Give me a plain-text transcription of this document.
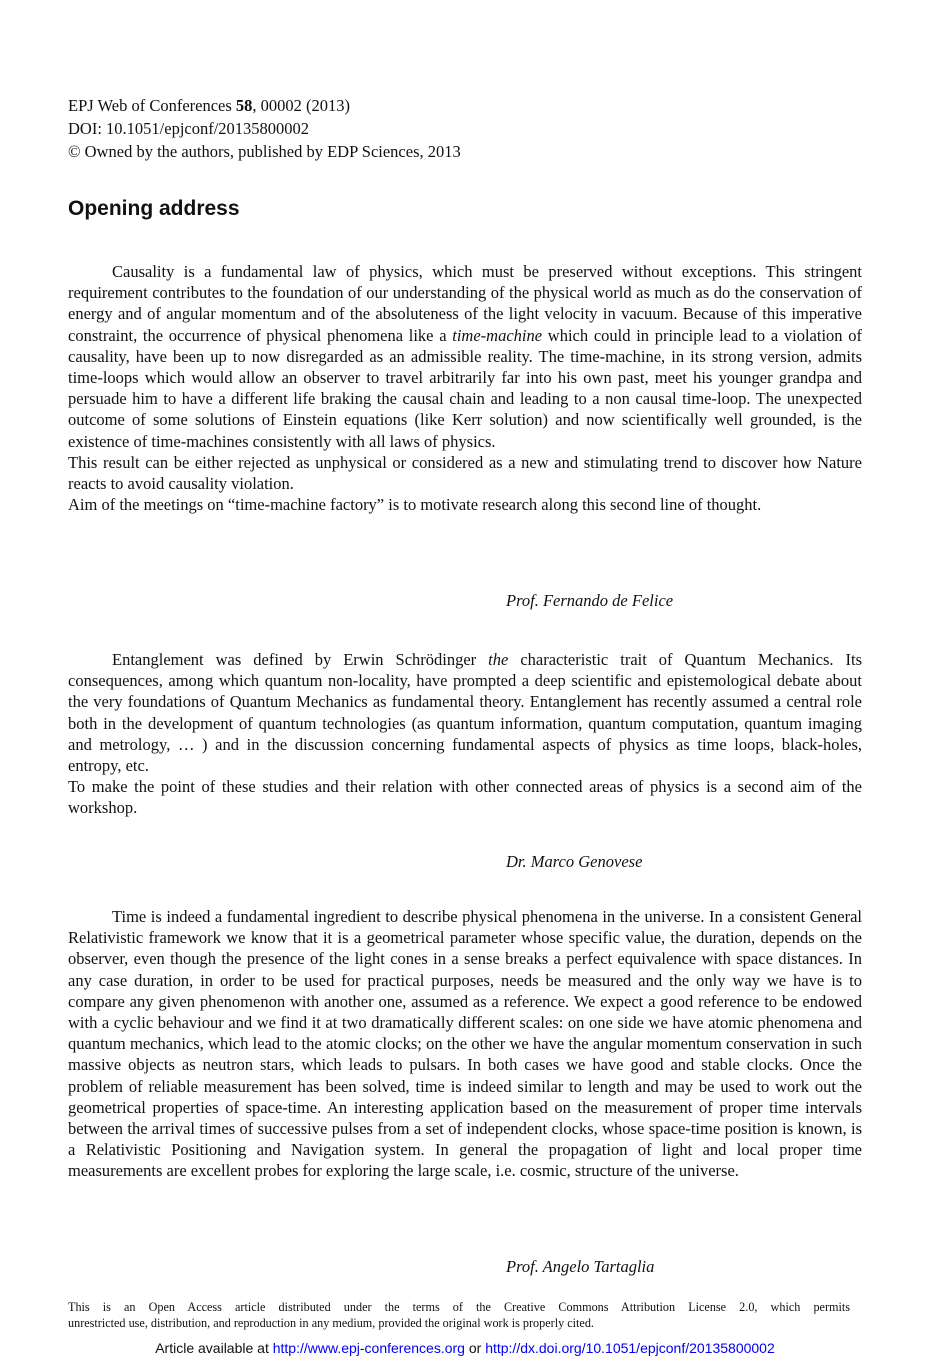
EPJ Web of Conferences 58, 00002 (2013)
DOI: 10.1051/epjconf/20135800002
© Owned by the authors, published by EDP Sciences, 2013
Opening address

Causality is a fundamental law of physics, which must be preserved without exceptions. This stringent requirement contributes to the foundation of our understanding of the physical world as much as do the conservation of energy and of angular momentum and of the absoluteness of the light velocity in vacuum. Because of this imperative constraint, the occurrence of physical phenomena like a time-machine which could in principle lead to a violation of causality, have been up to now disregarded as an admissible reality. The time-machine, in its strong version, admits time-loops which would allow an observer to travel arbitrarily far into his own past, meet his younger grandpa and persuade him to have a different life braking the causal chain and leading to a non causal time-loop. The unexpected outcome of some solutions of Einstein equations (like Kerr solution) and now scientifically well grounded, is the existence of time-machines consistently with all laws of physics.

This result can be either rejected as unphysical or considered as a new and stimulating trend to discover how Nature reacts to avoid causality violation.

Aim of the meetings on “time-machine factory” is to motivate research along this second line of thought.

Prof. Fernando de Felice

Entanglement was defined by Erwin Schrödinger the characteristic trait of Quantum Mechanics. Its consequences, among which quantum non-locality, have prompted a deep scientific and epistemological debate about the very foundations of Quantum Mechanics as fundamental theory. Entanglement has recently assumed a central role both in the development of quantum technologies (as quantum information, quantum computation, quantum imaging and metrology, … ) and in the discussion concerning fundamental aspects of physics as time loops, black-holes, entropy, etc.

To make the point of these studies and their relation with other connected areas of physics is a second aim of the workshop.

Dr. Marco Genovese

Time is indeed a fundamental ingredient to describe physical phenomena in the universe. In a consistent General Relativistic framework we know that it is a geometrical parameter whose specific value, the duration, depends on the observer, even though the presence of the light cones in a sense breaks a perfect equivalence with space distances. In any case duration, in order to be used for practical purposes, needs be measured and the only way we have is to compare any given phenomenon with another one, assumed as a reference. We expect a good reference to be endowed with a cyclic behaviour and we find it at two dramatically different scales: on one side we have atomic phenomena and quantum mechanics, which lead to the atomic clocks; on the other we have the angular momentum conservation in such massive objects as neutron stars, which leads to pulsars. In both cases we have good and stable clocks. Once the problem of reliable measurement has been solved, time is indeed similar to length and may be used to work out the geometrical properties of space-time. An interesting application based on the measurement of proper time intervals between the arrival times of successive pulses from a set of independent clocks, whose space-time position is known, is a Relativistic Positioning and Navigation system. In general the propagation of light and local proper time measurements are excellent probes for exploring the large scale, i.e. cosmic, structure of the universe.

Prof. Angelo Tartaglia
This is an Open Access article distributed under the terms of the Creative Commons Attribution License 2.0, which permits
unrestricted use, distribution, and reproduction in any medium, provided the original work is properly cited.
Article available at http://www.epj-conferences.org or http://dx.doi.org/10.1051/epjconf/20135800002
